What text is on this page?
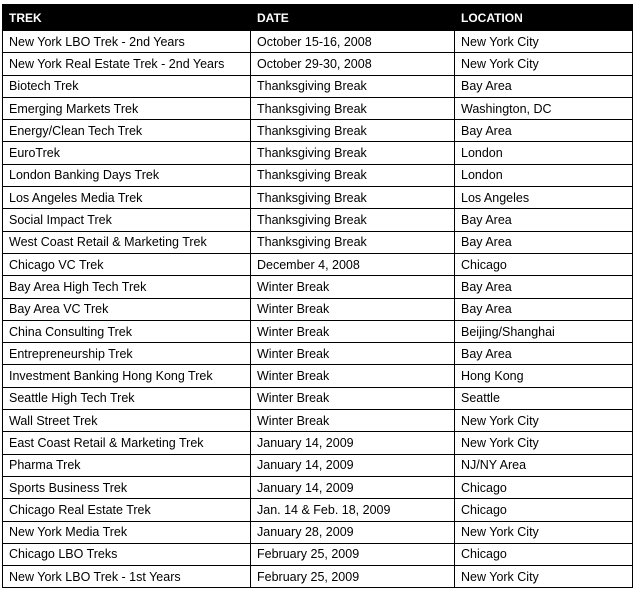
TREK	DATE	LOCATION
New York LBO Trek - 2nd Years	October 15-16, 2008	New York City
New York Real Estate Trek - 2nd Years	October 29-30, 2008	New York City
Biotech Trek	Thanksgiving Break	Bay Area
Emerging Markets Trek	Thanksgiving Break	Washington, DC
Energy/Clean Tech Trek	Thanksgiving Break	Bay Area
EuroTrek	Thanksgiving Break	London
London Banking Days Trek	Thanksgiving Break	London
Los Angeles Media Trek	Thanksgiving Break	Los Angeles
Social Impact Trek	Thanksgiving Break	Bay Area
West Coast Retail & Marketing Trek	Thanksgiving Break	Bay Area
Chicago VC Trek	December 4, 2008	Chicago
Bay Area High Tech Trek	Winter Break	Bay Area
Bay Area VC Trek	Winter Break	Bay Area
China Consulting Trek	Winter Break	Beijing/Shanghai
Entrepreneurship Trek	Winter Break	Bay Area
Investment Banking Hong Kong Trek	Winter Break	Hong Kong
Seattle High Tech Trek	Winter Break	Seattle
Wall Street Trek	Winter Break	New York City
East Coast Retail & Marketing Trek	January 14, 2009	New York City
Pharma Trek	January 14, 2009	NJ/NY Area
Sports Business Trek	January 14, 2009	Chicago
Chicago Real Estate Trek	Jan. 14 & Feb. 18, 2009	Chicago
New York Media Trek	January 28, 2009	New York City
Chicago LBO Treks	February 25, 2009	Chicago
New York LBO Trek - 1st Years	February 25, 2009	New York City
